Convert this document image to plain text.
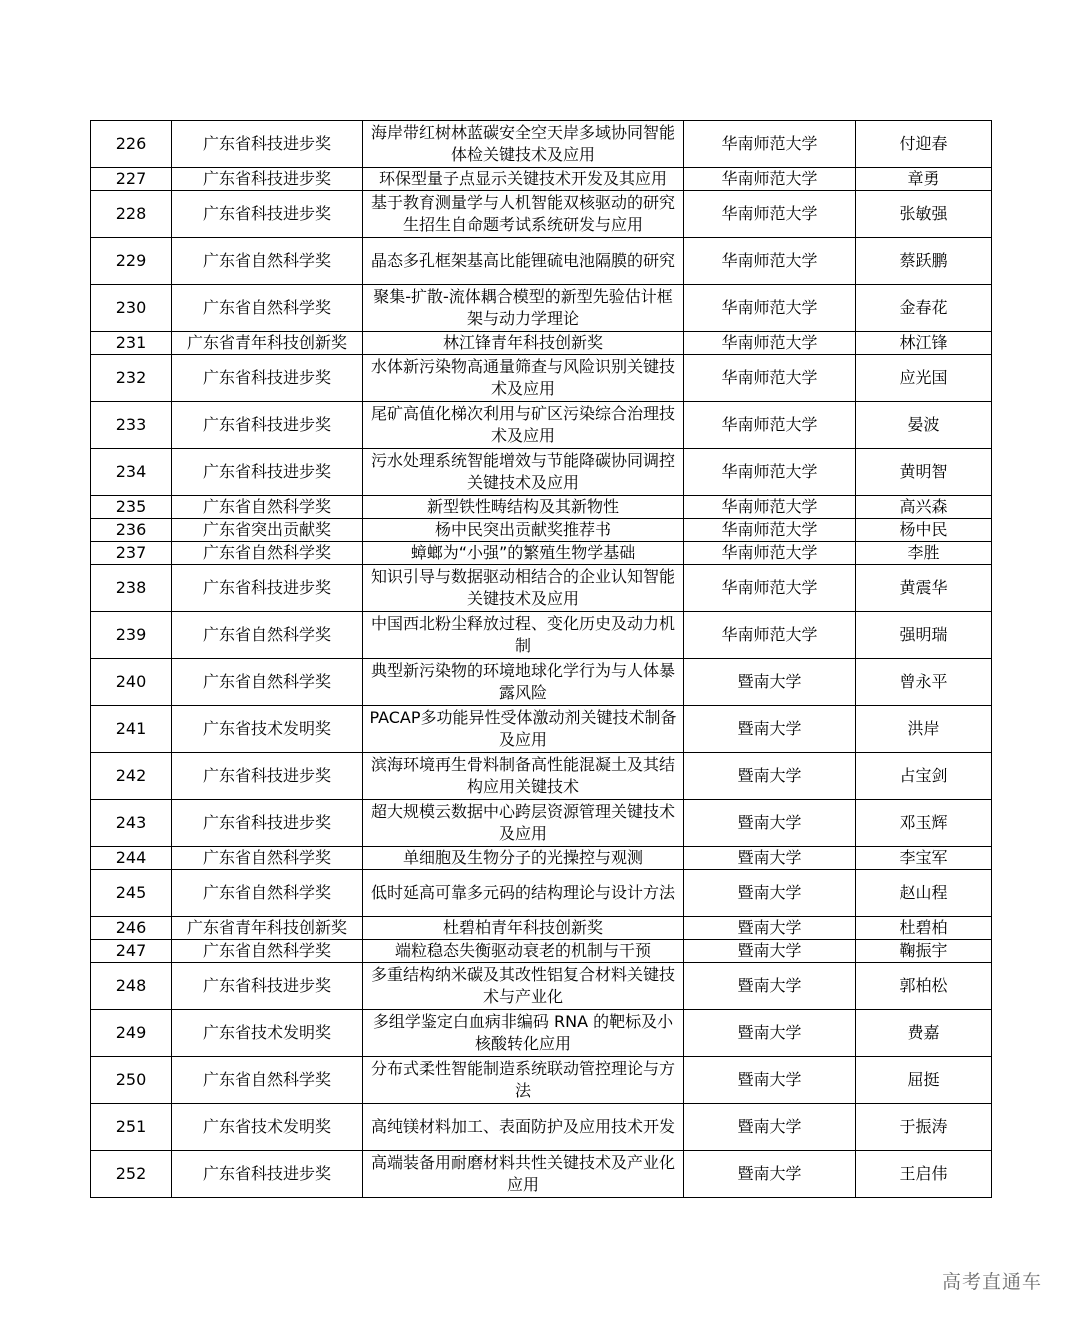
226	广东省科技进步奖	海岸带红树林蓝碳安全空天岸多域协同智能体检关键技术及应用	华南师范大学	付迎春
227	广东省科技进步奖	环保型量子点显示关键技术开发及其应用	华南师范大学	章勇
228	广东省科技进步奖	基于教育测量学与人机智能双核驱动的研究生招生自命题考试系统研发与应用	华南师范大学	张敏强
229	广东省自然科学奖	晶态多孔框架基高比能锂硫电池隔膜的研究	华南师范大学	蔡跃鹏
230	广东省自然科学奖	聚集-扩散-流体耦合模型的新型先验估计框架与动力学理论	华南师范大学	金春花
231	广东省青年科技创新奖	林江锋青年科技创新奖	华南师范大学	林江锋
232	广东省科技进步奖	水体新污染物高通量筛查与风险识别关键技术及应用	华南师范大学	应光国
233	广东省科技进步奖	尾矿高值化梯次利用与矿区污染综合治理技术及应用	华南师范大学	晏波
234	广东省科技进步奖	污水处理系统智能增效与节能降碳协同调控关键技术及应用	华南师范大学	黄明智
235	广东省自然科学奖	新型铁性畴结构及其新物性	华南师范大学	高兴森
236	广东省突出贡献奖	杨中民突出贡献奖推荐书	华南师范大学	杨中民
237	广东省自然科学奖	蟑螂为“小强”的繁殖生物学基础	华南师范大学	李胜
238	广东省科技进步奖	知识引导与数据驱动相结合的企业认知智能关键技术及应用	华南师范大学	黄震华
239	广东省自然科学奖	中国西北粉尘释放过程、变化历史及动力机制	华南师范大学	强明瑞
240	广东省自然科学奖	典型新污染物的环境地球化学行为与人体暴露风险	暨南大学	曾永平
241	广东省技术发明奖	PACAP多功能异性受体激动剂关键技术制备及应用	暨南大学	洪岸
242	广东省科技进步奖	滨海环境再生骨料制备高性能混凝土及其结构应用关键技术	暨南大学	占宝剑
243	广东省科技进步奖	超大规模云数据中心跨层资源管理关键技术及应用	暨南大学	邓玉辉
244	广东省自然科学奖	单细胞及生物分子的光操控与观测	暨南大学	李宝军
245	广东省自然科学奖	低时延高可靠多元码的结构理论与设计方法	暨南大学	赵山程
246	广东省青年科技创新奖	杜碧柏青年科技创新奖	暨南大学	杜碧柏
247	广东省自然科学奖	端粒稳态失衡驱动衰老的机制与干预	暨南大学	鞠振宇
248	广东省科技进步奖	多重结构纳米碳及其改性铝复合材料关键技术与产业化	暨南大学	郭柏松
249	广东省技术发明奖	多组学鉴定白血病非编码 RNA 的靶标及小核酸转化应用	暨南大学	费嘉
250	广东省自然科学奖	分布式柔性智能制造系统联动管控理论与方法	暨南大学	屈挺
251	广东省技术发明奖	高纯镁材料加工、表面防护及应用技术开发	暨南大学	于振涛
252	广东省科技进步奖	高端装备用耐磨材料共性关键技术及产业化应用	暨南大学	王启伟
高考直通车
